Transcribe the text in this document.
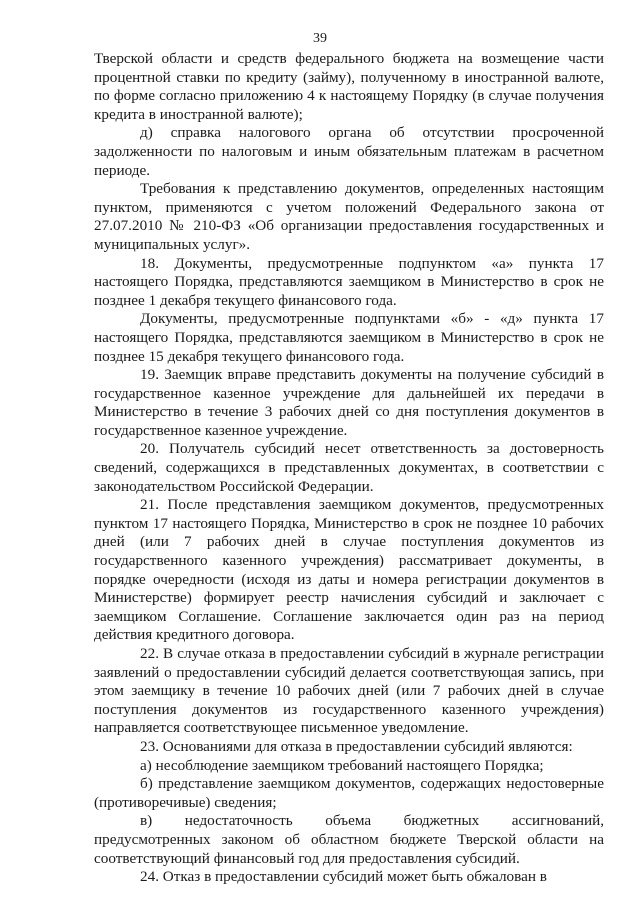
39

Тверской области и средств федерального бюджета на возмещение части процентной ставки по кредиту (займу), полученному в иностранной валюте, по форме согласно приложению 4 к настоящему Порядку (в случае получения кредита в иностранной валюте);

д) справка налогового органа об отсутствии просроченной задолженности по налоговым и иным обязательным платежам в расчетном периоде.

Требования к представлению документов, определенных настоящим пунктом, применяются с учетом положений Федерального закона от 27.07.2010 № 210-ФЗ «Об организации предоставления государственных и муниципальных услуг».

18. Документы, предусмотренные подпунктом «а» пункта 17 настоящего Порядка, представляются заемщиком в Министерство в срок не позднее 1 декабря текущего финансового года.

Документы, предусмотренные подпунктами «б» - «д» пункта 17 настоящего Порядка, представляются заемщиком в Министерство в срок не позднее 15 декабря текущего финансового года.

19. Заемщик вправе представить документы на получение субсидий в государственное казенное учреждение для дальнейшей их передачи в Министерство в течение 3 рабочих дней со дня поступления документов в государственное казенное учреждение.

20. Получатель субсидий несет ответственность за достоверность сведений, содержащихся в представленных документах, в соответствии с законодательством Российской Федерации.

21. После представления заемщиком документов, предусмотренных пунктом 17 настоящего Порядка, Министерство в срок не позднее 10 рабочих дней (или 7 рабочих дней в случае поступления документов из государственного казенного учреждения) рассматривает документы, в порядке очередности (исходя из даты и номера регистрации документов в Министерстве) формирует реестр начисления субсидий и заключает с заемщиком Соглашение. Соглашение заключается один раз на период действия кредитного договора.

22. В случае отказа в предоставлении субсидий в журнале регистрации заявлений о предоставлении субсидий делается соответствующая запись, при этом заемщику в течение 10 рабочих дней (или 7 рабочих дней в случае поступления документов из государственного казенного учреждения) направляется соответствующее письменное уведомление.

23. Основаниями для отказа в предоставлении субсидий являются:

а) несоблюдение заемщиком требований настоящего Порядка;

б) представление заемщиком документов, содержащих недостоверные (противоречивые) сведения;

в) недостаточность объема бюджетных ассигнований, предусмотренных законом об областном бюджете Тверской области на соответствующий финансовый год для предоставления субсидий.

24. Отказ в предоставлении субсидий может быть обжалован в
